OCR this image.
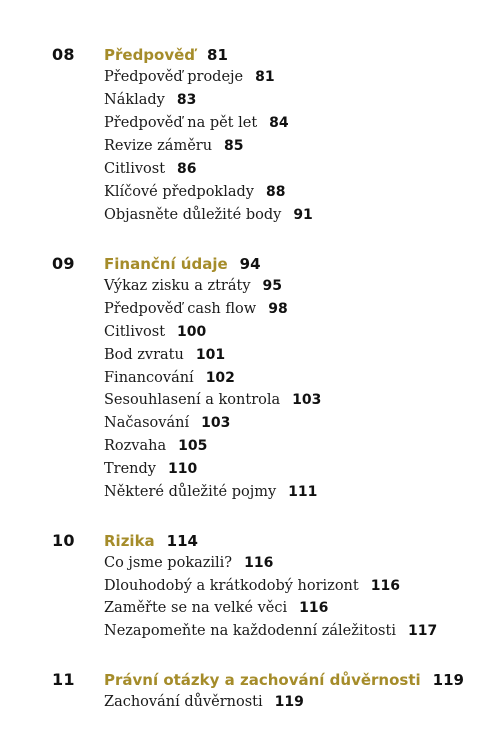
08 Předpověď 81
Předpověď prodeje 81
Náklady 83
Předpověď na pět let 84
Revize záměru 85
Citlivost 86
Klíčové předpoklady 88
Objasněte důležité body 91
09 Finanční údaje 94
Výkaz zisku a ztráty 95
Předpověď cash flow 98
Citlivost 100
Bod zvratu 101
Financování 102
Sesouhlasení a kontrola 103
Načasování 103
Rozvaha 105
Trendy 110
Některé důležité pojmy 111
10 Rizika 114
Co jsme pokazili? 116
Dlouhodobý a krátkodobý horizont 116
Zaměřte se na velké věci 116
Nezapomeňte na každodenní záležitosti 117
11 Právní otázky a zachování důvěrnosti 119
Zachování důvěrnosti 119
